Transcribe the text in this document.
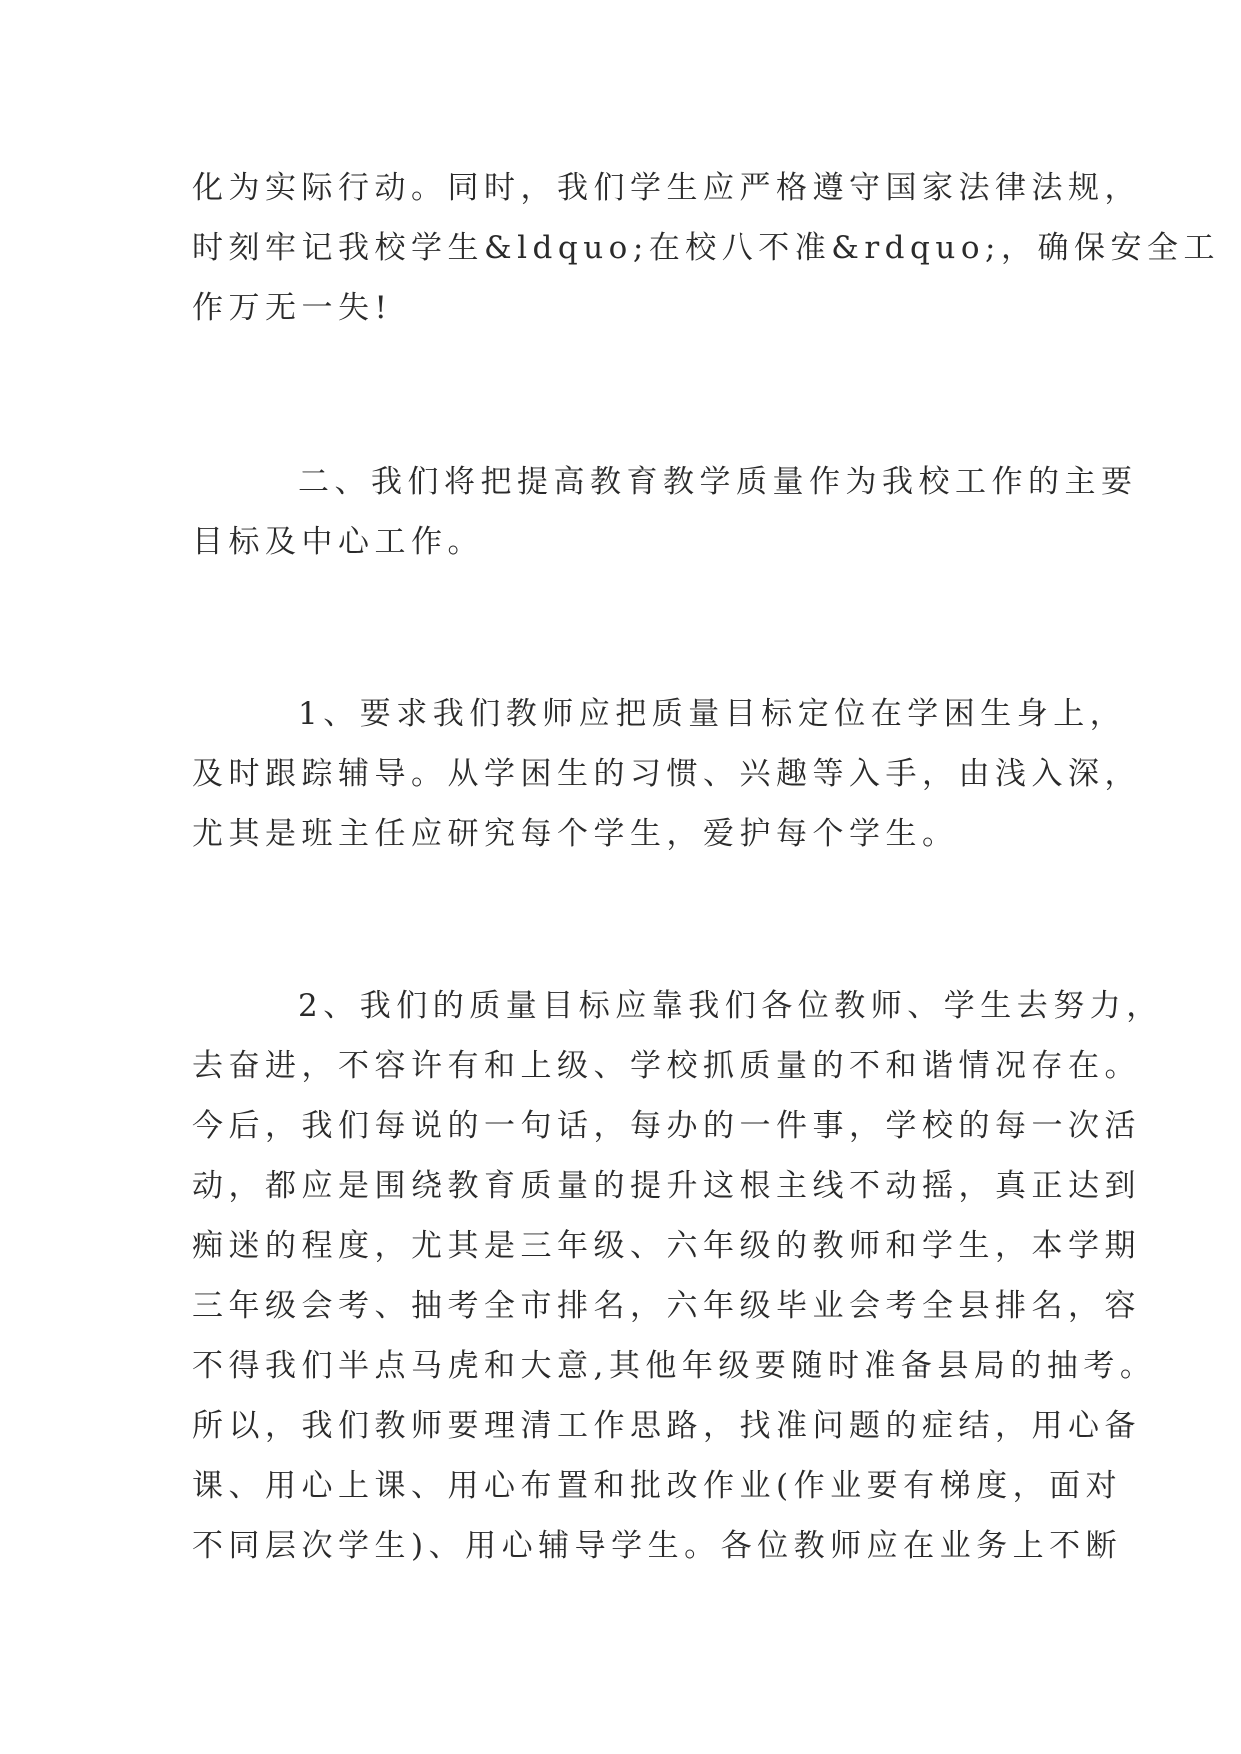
化为实际行动。同时，我们学生应严格遵守国家法律法规，
时刻牢记我校学生&ldquo;在校八不准&rdquo;，确保安全工
作万无一失!
二、我们将把提高教育教学质量作为我校工作的主要
目标及中心工作。
1、要求我们教师应把质量目标定位在学困生身上，
及时跟踪辅导。从学困生的习惯、兴趣等入手，由浅入深，
尤其是班主任应研究每个学生，爱护每个学生。
2、我们的质量目标应靠我们各位教师、学生去努力，
去奋进，不容许有和上级、学校抓质量的不和谐情况存在。
今后，我们每说的一句话，每办的一件事，学校的每一次活
动，都应是围绕教育质量的提升这根主线不动摇，真正达到
痴迷的程度，尤其是三年级、六年级的教师和学生，本学期
三年级会考、抽考全市排名，六年级毕业会考全县排名，容
不得我们半点马虎和大意,其他年级要随时准备县局的抽考。
所以，我们教师要理清工作思路，找准问题的症结，用心备
课、用心上课、用心布置和批改作业(作业要有梯度，面对
不同层次学生)、用心辅导学生。各位教师应在业务上不断
